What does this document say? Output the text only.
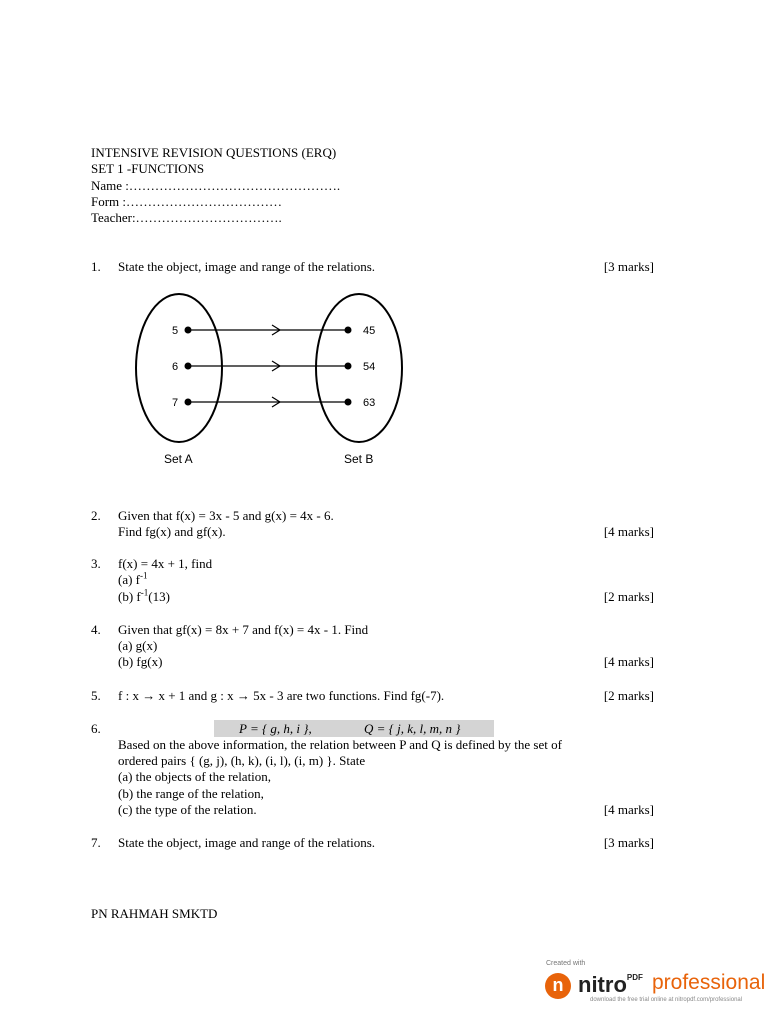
INTENSIVE REVISION QUESTIONS (ERQ)
SET 1 -FUNCTIONS
Name :………………………………………….
Form :………………………………
Teacher:…………………………….
1. State the object, image and range of the relations.	[3 marks]
5
6
7
45
54
63
Set A	Set B
2. Given that f(x) = 3x - 5 and g(x) = 4x - 6.
Find fg(x) and gf(x).	[4 marks]
3. f(x) = 4x + 1, find
(a) $f^{-1}$
(b) $f^{-1}(13)$	[2 marks]
4. Given that gf(x) = 8x + 7 and f(x) = 4x - 1. Find
(a) g(x)
(b) fg(x)	[4 marks]
5. f : x → x + 1 and g : x → 5x - 3 are two functions. Find fg(-7).	[2 marks]
6.	P = { g, h, i },	Q = { j, k, l, m, n }
Based on the above information, the relation between P and Q is defined by the set of
ordered pairs { (g, j), (h, k), (i, l), (i, m) }. State
(a) the objects of the relation,
(b) the range of the relation,
(c) the type of the relation.	[4 marks]
7. State the object, image and range of the relations.	[3 marks]
PN RAHMAH SMKTD
Created with
n nitro$^{PDF}$ professional
download the free trial online at nitropdf.com/professional
